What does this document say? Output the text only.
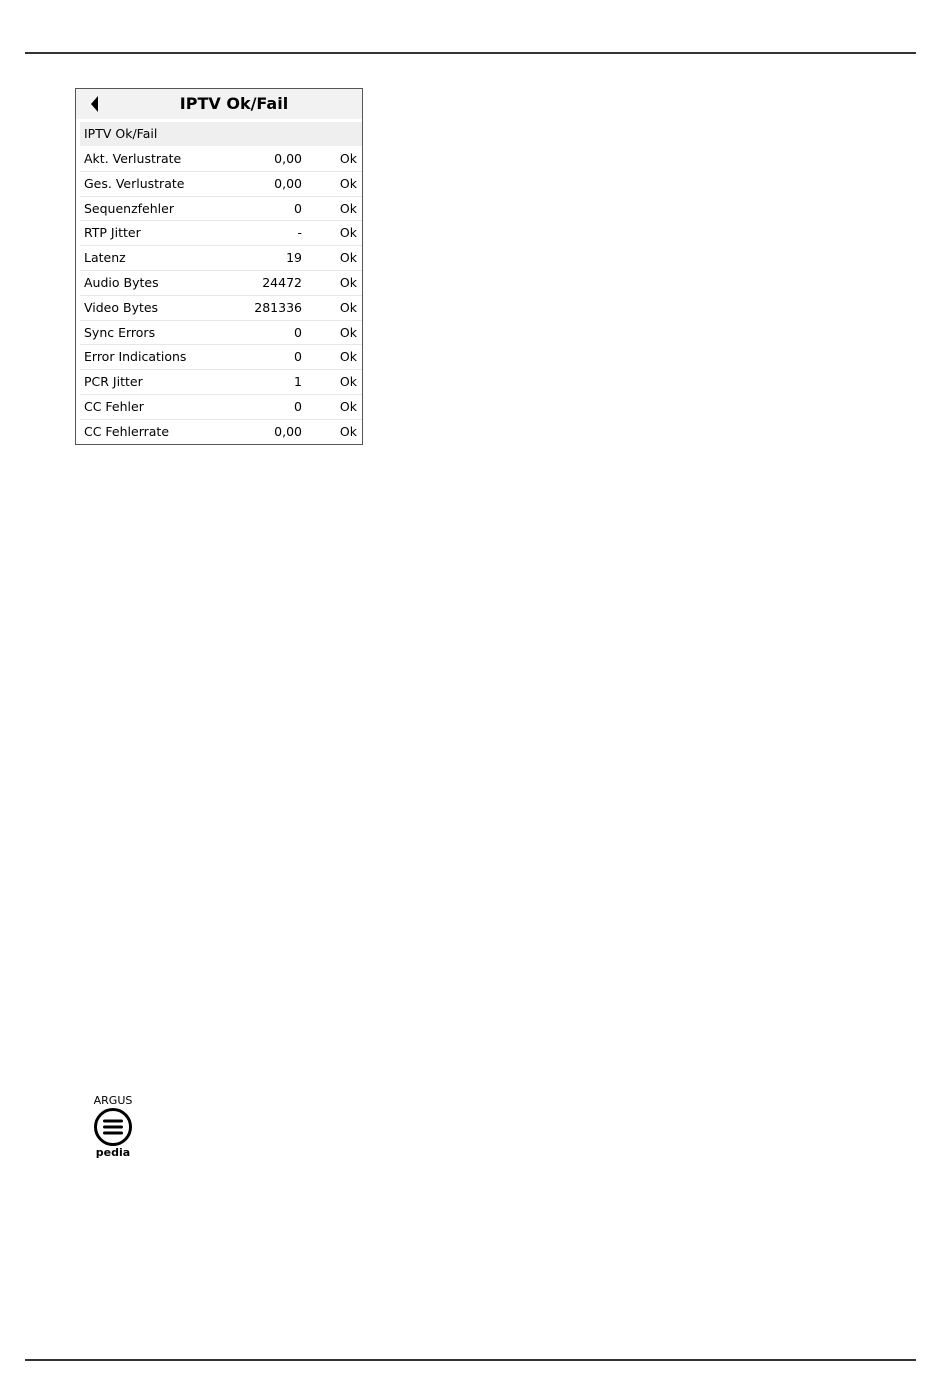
IPTV Ok/Fail
IPTV Ok/Fail
Akt. Verlustrate	0,00	Ok
Ges. Verlustrate	0,00	Ok
Sequenzfehler	0	Ok
RTP Jitter	-	Ok
Latenz	19	Ok
Audio Bytes	24472	Ok
Video Bytes	281336	Ok
Sync Errors	0	Ok
Error Indications	0	Ok
PCR Jitter	1	Ok
CC Fehler	0	Ok
CC Fehlerrate	0,00	Ok
ARGUS
pedia
